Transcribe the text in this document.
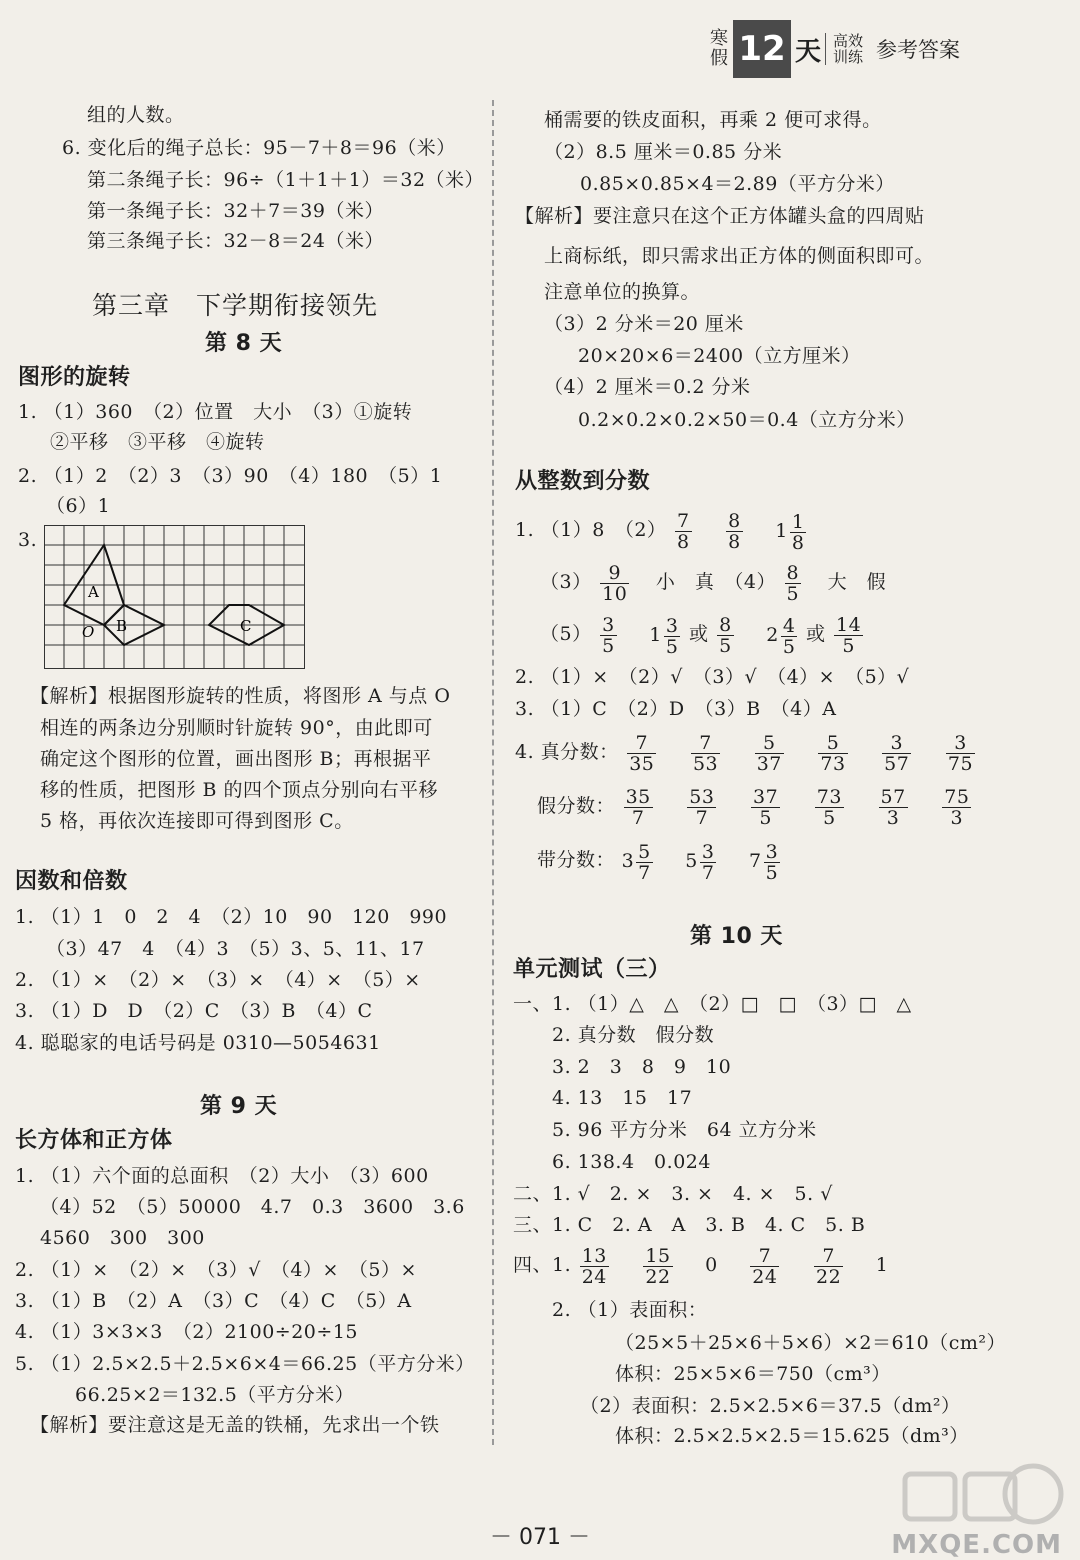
寒假 12 天 高效训练 参考答案
组的人数。
6. 变化后的绳子总长：95－7＋8＝96（米）
第二条绳子长：96÷（1＋1＋1）＝32（米）
第一条绳子长：32＋7＝39（米）
第三条绳子长：32－8＝24（米）
第三章　下学期衔接领先
第 8 天
图形的旋转
1. （1）360　（2）位置　大小　（3）①旋转
②平移　③平移　④旋转
2. （1）2　（2）3　（3）90　（4）180　（5）1
（6）1
3.
A
B	C
O
【解析】根据图形旋转的性质，将图形 A 与点 O
相连的两条边分别顺时针旋转 90°，由此即可
确定这个图形的位置，画出图形 B；再根据平
移的性质，把图形 B 的四个顶点分别向右平移
5 格，再依次连接即可得到图形 C。
因数和倍数
1. （1）1　0　2　4　（2）10　90　120　990
（3）47　4　（4）3　（5）3、5、11、17
2. （1）×　（2）×　（3）×　（4）×　（5）×
3. （1）D　D　（2）C　（3）B　（4）C
4. 聪聪家的电话号码是 0310—5054631
第 9 天
长方体和正方体
1. （1）六个面的总面积　（2）大小　（3）600
（4）52　（5）50000　4.7　0.3　3600　3.6
4560　300　300
2. （1）×　（2）×　（3）√　（4）×　（5）×
3. （1）B　（2）A　（3）C　（4）C　（5）A
4. （1）3×3×3　（2）2100÷20÷15
5. （1）2.5×2.5＋2.5×6×4＝66.25（平方分米）
66.25×2＝132.5（平方分米）
【解析】要注意这是无盖的铁桶，先求出一个铁
桶需要的铁皮面积，再乘 2 便可求得。
（2）8.5 厘米＝0.85 分米
0.85×0.85×4＝2.89（平方分米）
【解析】要注意只在这个正方体罐头盒的四周贴
上商标纸，即只需求出正方体的侧面积即可。
注意单位的换算。
（3）2 分米＝20 厘米
20×20×6＝2400（立方厘米）
（4）2 厘米＝0.2 分米
0.2×0.2×0.2×50＝0.4（立方分米）
从整数到分数
1. （1）8　$(2) \frac{7}{8}$
$\frac{8}{8} 1 \frac{1}{8}$
$(3) \frac{9}{10}$ 小　真　$(4) \frac{8}{5}$ 大　假
$(5) \frac{3}{5} 1 \frac{3}{5}$ 或 $\frac{8}{5} 2 \frac{4}{5}$ 或 $\frac{14}{5}$
2. （1）×　（2）√　（3）√　（4）×　（5）√
3. （1）C　（2）D　（3）B　（4）A
4. 真分数： $\frac{7}{35}$
$\frac{7}{53}$
$\frac{5}{37}$
$\frac{5}{73}$
$\frac{3}{57}$
$\frac{3}{75}$
假分数： $\frac{35}{7}$
$\frac{53}{7}$
$\frac{37}{5}$
$\frac{73}{5}$
$\frac{57}{3}$
$\frac{75}{3}$
带分数： $3 \frac{5}{7} 5 \frac{3}{7} 7 \frac{3}{5}$
第 10 天
单元测试（三）
一、1. （1）△　△　（2）□　□　（3）□　△
2. 真分数　假分数
3. 2　3　8　9　10
4. 13　15　17
5. 96 平方分米　64 立方分米
6. 138.4　0.024
二、1. √　2. ×　3. ×　4. ×　5. √
三、1. C　2. A　A　3. B　4. C　5. B
四、1. $\frac{13}{24}$
$\frac{15}{22} 0 \frac{7}{24}$
$\frac{7}{22} 1$
2. （1）表面积：
（25×5＋25×6＋5×6）×2＝610（cm²）
体积：25×5×6＝750（cm³）
（2）表面积：2.5×2.5×6＝37.5（dm²）
体积：2.5×2.5×2.5＝15.625（dm³）
－ 071 －	MXQE.COM
